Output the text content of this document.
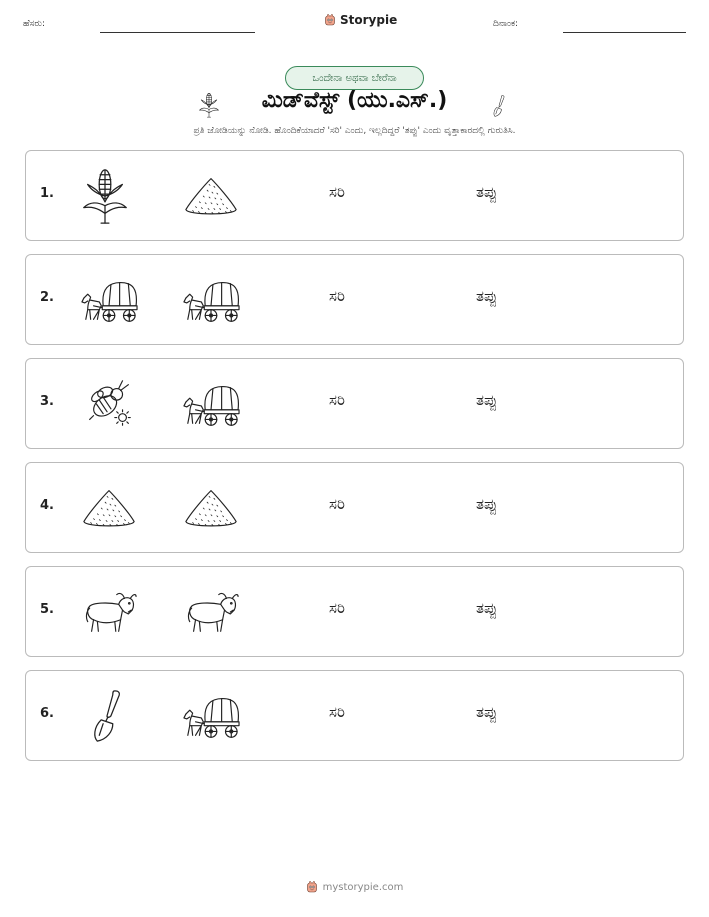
ಹೆಸರು:	Storypie	ದಿನಾಂಕ:
ಒಂದೇನಾ ಅಥವಾ ಬೇರೆನಾ
ಮಿಡ್‌ವೆಸ್ಟ್ (ಯು.ಎಸ್.)
ಪ್ರತಿ ಜೋಡಿಯನ್ನು ನೋಡಿ. ಹೊಂದಿಕೆಯಾದರೆ 'ಸರಿ' ಎಂದು, ಇಲ್ಲದಿದ್ದರೆ 'ತಪ್ಪು' ಎಂದು ವೃತ್ತಾಕಾರದಲ್ಲಿ ಗುರುತಿಸಿ.
1.	ಸರಿ	ತಪ್ಪು
2.	ಸರಿ	ತಪ್ಪು
3.	ಸರಿ	ತಪ್ಪು
4.	ಸರಿ	ತಪ್ಪು
5.	ಸರಿ	ತಪ್ಪು
6.	ಸರಿ	ತಪ್ಪು
mystorypie.com
